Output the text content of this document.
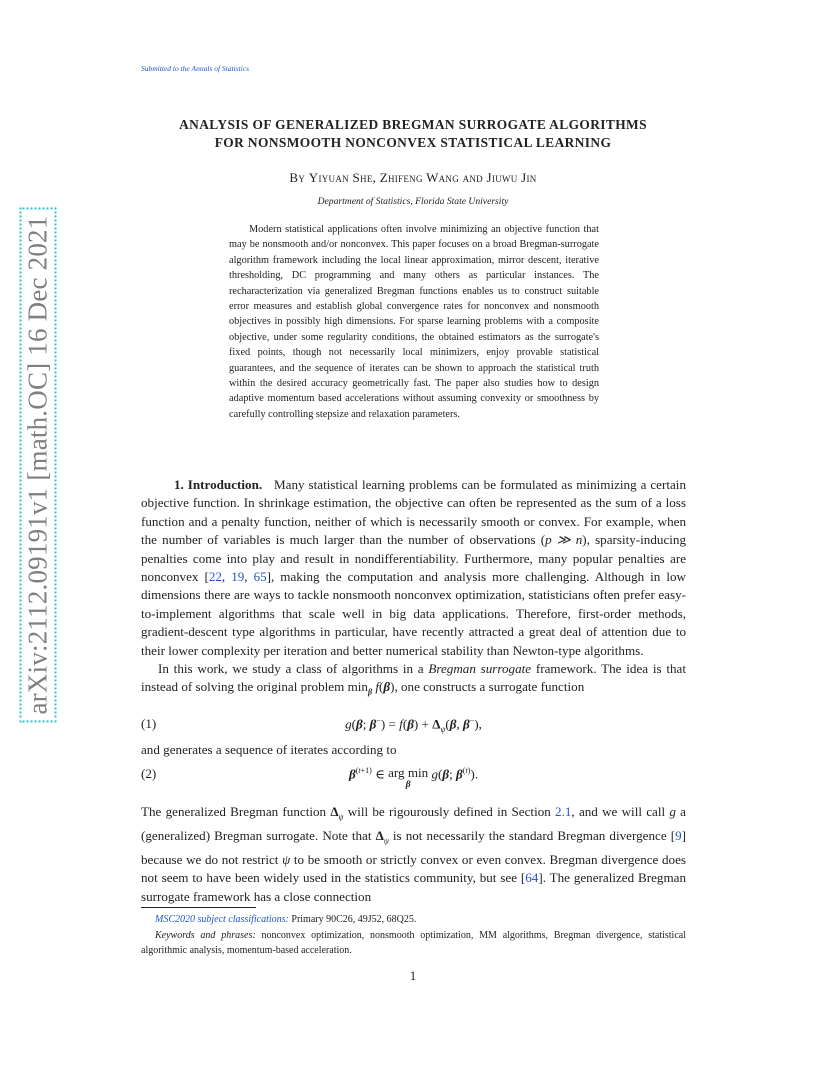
Submitted to the Annals of Statistics
arXiv:2112.09191v1 [math.OC] 16 Dec 2021
ANALYSIS OF GENERALIZED BREGMAN SURROGATE ALGORITHMS
FOR NONSMOOTH NONCONVEX STATISTICAL LEARNING
By Yiyuan She, Zhifeng Wang and Jiuwu Jin
Department of Statistics, Florida State University
Modern statistical applications often involve minimizing an objective function that may be nonsmooth and/or nonconvex. This paper focuses on a broad Bregman-surrogate algorithm framework including the local linear approximation, mirror descent, iterative thresholding, DC programming and many others as particular instances. The recharacterization via generalized Bregman functions enables us to construct suitable error measures and establish global convergence rates for nonconvex and nonsmooth objectives in possibly high dimensions. For sparse learning problems with a composite objective, under some regularity conditions, the obtained estimators as the surrogate's fixed points, though not necessarily local minimizers, enjoy provable statistical guarantees, and the sequence of iterates can be shown to approach the statistical truth within the desired accuracy geometrically fast. The paper also studies how to design adaptive momentum based accelerations without assuming convexity or smoothness by carefully controlling stepsize and relaxation parameters.
1. Introduction. Many statistical learning problems can be formulated as minimizing a certain objective function. In shrinkage estimation, the objective can often be represented as the sum of a loss function and a penalty function, neither of which is necessarily smooth or convex. For example, when the number of variables is much larger than the number of observations (p ≫ n), sparsity-inducing penalties come into play and result in nondifferentiability. Furthermore, many popular penalties are nonconvex [22, 19, 65], making the computation and analysis more challenging. Although in low dimensions there are ways to tackle nonsmooth nonconvex optimization, statisticians often prefer easy-to-implement algorithms that scale well in big data applications. Therefore, first-order methods, gradient-descent type algorithms in particular, have recently attracted a great deal of attention due to their lower complexity per iteration and better numerical stability than Newton-type algorithms.
In this work, we study a class of algorithms in a Bregman surrogate framework. The idea is that instead of solving the original problem $\min_\beta f(\beta)$, one constructs a surrogate function
(1)	g(β; $\beta^-) = f(\beta) + \Delta_\psi(\beta$, β−),
and generates a sequence of iterates according to
(2)	$\beta^{(t+1)}$ ∈ arg min
β
g(β; $\beta^{(t)}$).
The generalized Bregman function $\Delta_\psi$ will be rigourously defined in Section 2.1, and we will call g a (generalized) Bregman surrogate. Note that $\Delta_\psi$ is not necessarily the standard Bregman divergence [9] because we do not restrict ψ to be smooth or strictly convex or even convex. Bregman divergence does not seem to have been widely used in the statistics community, but see [64]. The generalized Bregman surrogate framework has a close connection
MSC2020 subject classifications: Primary 90C26, 49J52, 68Q25.
Keywords and phrases: nonconvex optimization, nonsmooth optimization, MM algorithms, Bregman divergence, statistical algorithmic analysis, momentum-based acceleration.
1
